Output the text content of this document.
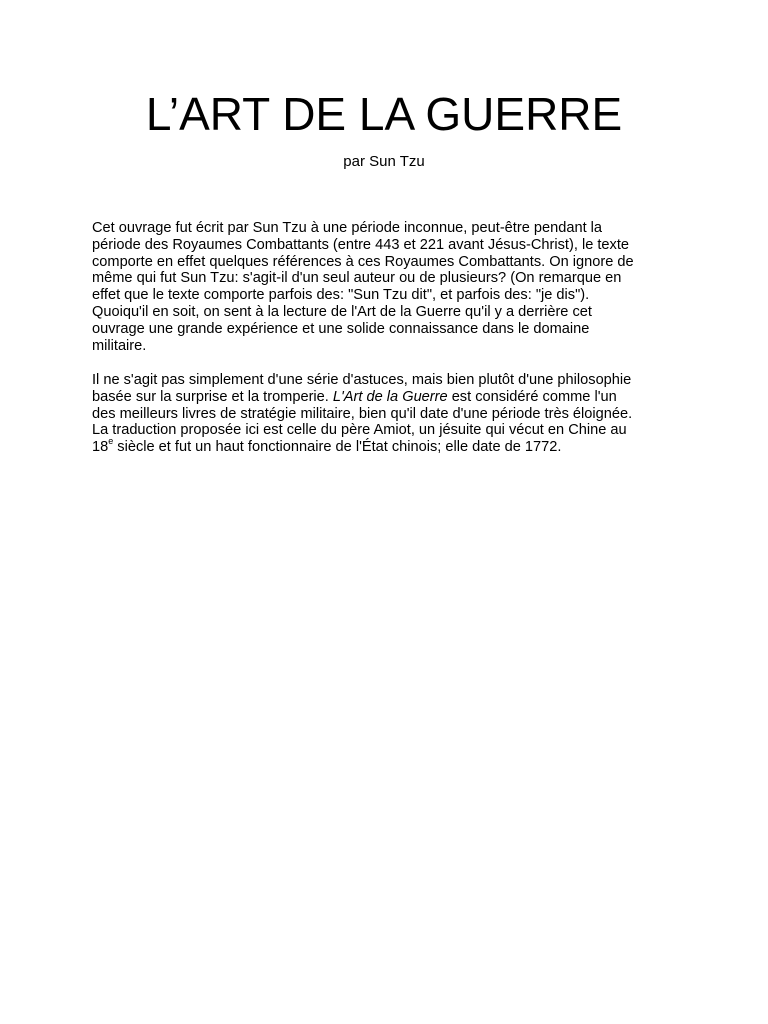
L’ART DE LA GUERRE

par Sun Tzu

Cet ouvrage fut écrit par Sun Tzu à une période inconnue, peut-être pendant la
période des Royaumes Combattants (entre 443 et 221 avant Jésus-Christ), le texte
comporte en effet quelques références à ces Royaumes Combattants. On ignore de
même qui fut Sun Tzu: s'agit-il d'un seul auteur ou de plusieurs? (On remarque en
effet que le texte comporte parfois des: "Sun Tzu dit", et parfois des: "je dis").
Quoiqu'il en soit, on sent à la lecture de l'Art de la Guerre qu'il y a derrière cet
ouvrage une grande expérience et une solide connaissance dans le domaine
militaire.

Il ne s'agit pas simplement d'une série d'astuces, mais bien plutôt d'une philosophie
basée sur la surprise et la tromperie. L'Art de la Guerre est considéré comme l'un
des meilleurs livres de stratégie militaire, bien qu'il date d'une période très éloignée.
La traduction proposée ici est celle du père Amiot, un jésuite qui vécut en Chine au
18e siècle et fut un haut fonctionnaire de l'État chinois; elle date de 1772.
